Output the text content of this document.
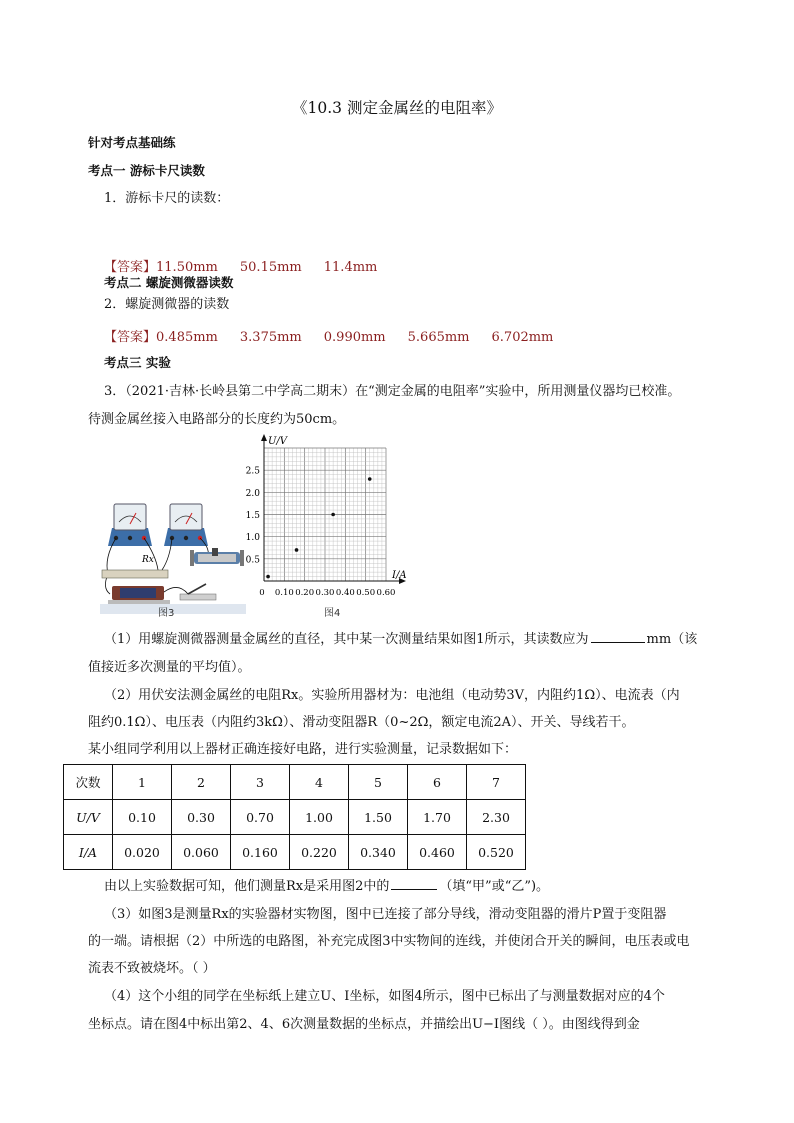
《10.3 测定金属丝的电阻率》
针对考点基础练
考点一 游标卡尺读数
1．游标卡尺的读数：
【答案】11.50mm 50.15mm 11.4mm
考点二 螺旋测微器读数
2．螺旋测微器的读数
【答案】0.485mm 3.375mm 0.990mm 5.665mm 6.702mm
考点三 实验
3．（2021·吉林·长岭县第二中学高二期末）在“测定金属的电阻率”实验中，所用测量仪器均已校准。
待测金属丝接入电路部分的长度约为50cm。
Rx
图3
U/V
I/A
2.5
2.0
1.5
1.0
0.5
0 0.10 0.20 0.30 0.40 0.50 0.60
图4
（1）用螺旋测微器测量金属丝的直径，其中某一次测量结果如图1所示，其读数应为	mm（该
值接近多次测量的平均值）。
（2）用伏安法测金属丝的电阻Rx。实验所用器材为：电池组（电动势3V，内阻约1Ω）、电流表（内
阻约0.1Ω）、电压表（内阻约3kΩ）、滑动变阻器R（0~2Ω，额定电流2A）、开关、导线若干。
某小组同学利用以上器材正确连接好电路，进行实验测量，记录数据如下：
次数	1	2	3	4	5	6	7
U/V	0.10	0.30	0.70	1.00	1.50	1.70	2.30
I/A	0.020	0.060	0.160	0.220	0.340	0.460	0.520
由以上实验数据可知，他们测量Rx是采用图2中的	（填“甲”或“乙”)。
（3）如图3是测量Rx的实验器材实物图，图中已连接了部分导线，滑动变阻器的滑片P置于变阻器
的一端。请根据（2）中所选的电路图，补充完成图3中实物间的连线，并使闭合开关的瞬间，电压表或电
流表不致被烧坏。（ ）
（4）这个小组的同学在坐标纸上建立U、I坐标，如图4所示，图中已标出了与测量数据对应的4个
坐标点。请在图4中标出第2、4、6次测量数据的坐标点，并描绘出U−I图线（ ）。由图线得到金
